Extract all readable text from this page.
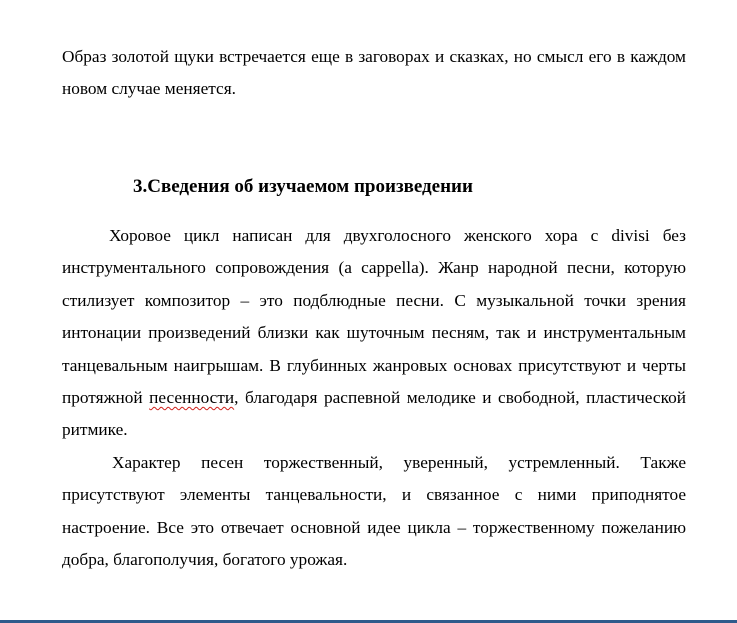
Образ золотой щуки встречается еще в заговорах и сказках, но смысл его в каждом новом случае меняется.
3.Сведения об изучаемом произведении
Хоровое цикл написан для двухголосного женского хора с divisi без инструментального сопровождения (a cappella). Жанр народной песни, которую стилизует композитор – это подблюдные песни. С музыкальной точки зрения интонации произведений близки как шуточным песням, так и инструментальным танцевальным наигрышам. В глубинных жанровых основах присутствуют и черты протяжной песенности, благодаря распевной мелодике и свободной, пластической ритмике.
Характер песен торжественный, уверенный, устремленный. Также присутствуют элементы танцевальности, и связанное с ними приподнятое настроение. Все это отвечает основной идее цикла – торжественному пожеланию добра, благополучия, богатого урожая.
